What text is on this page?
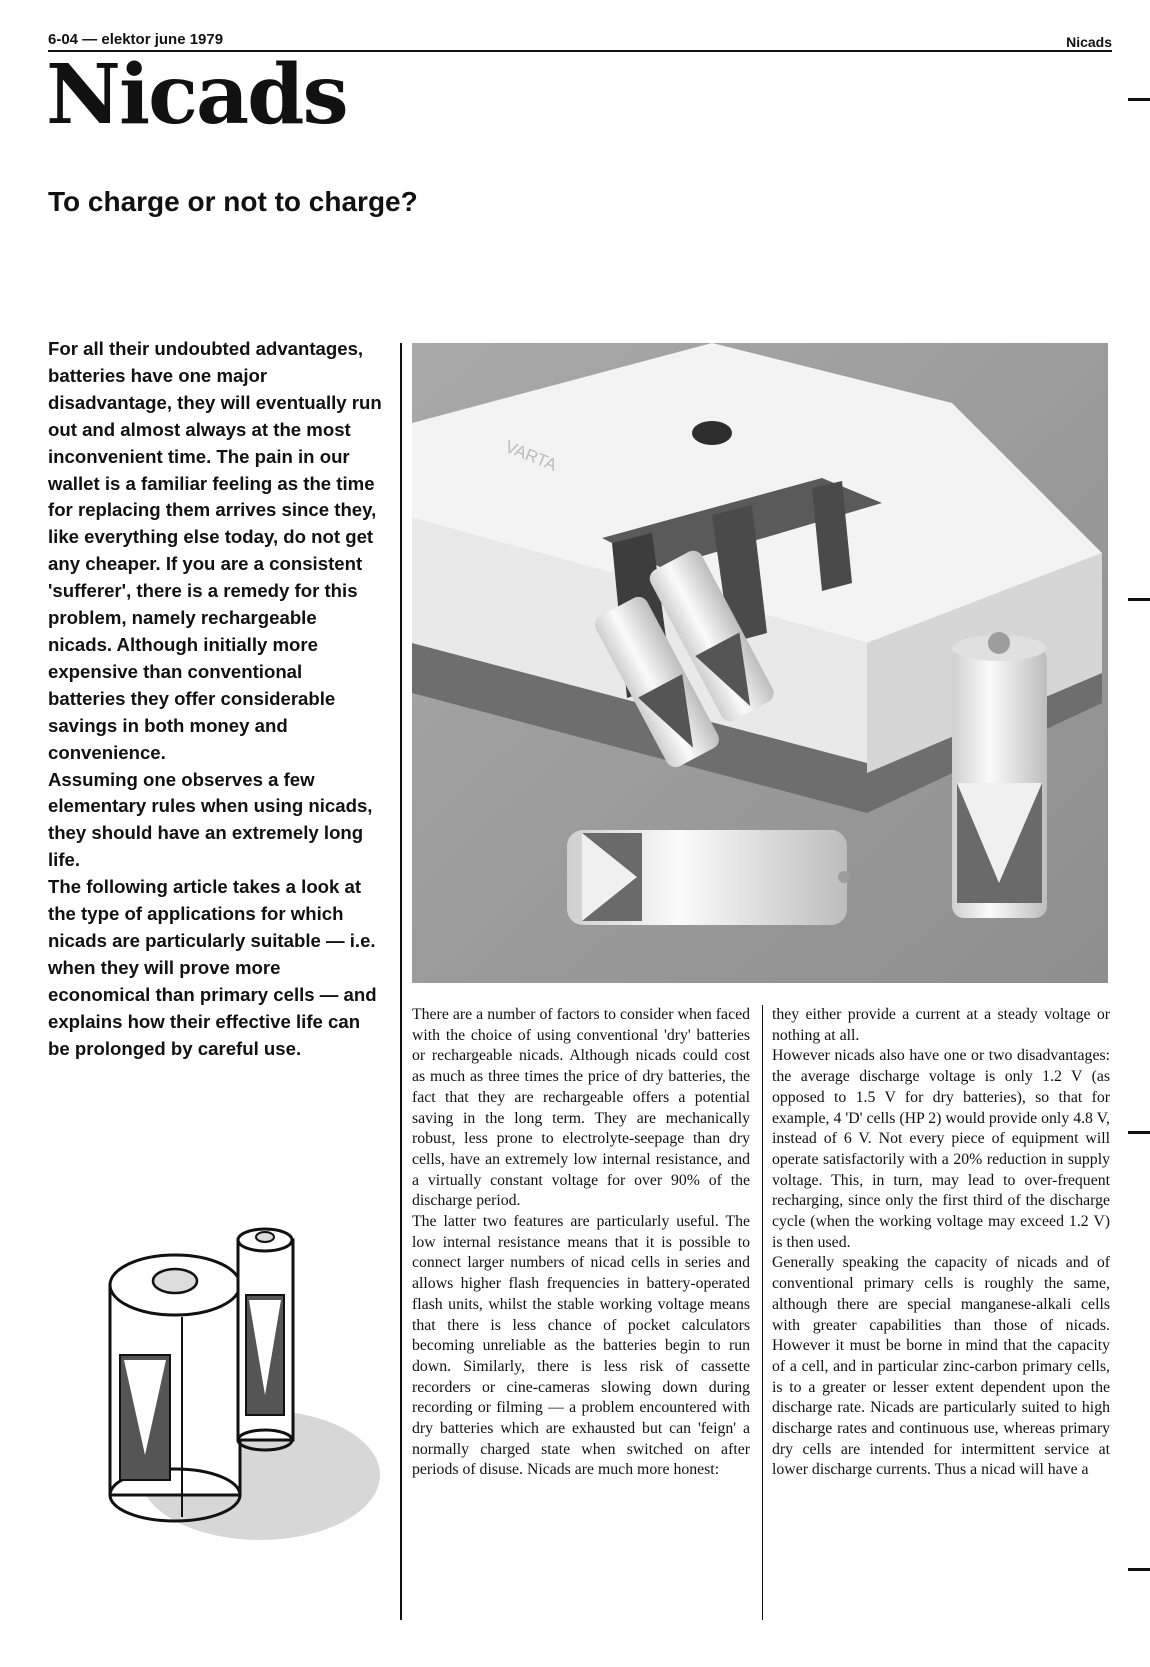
6-04 — elektor june 1979	Nicads
Nicads
To charge or not to charge?

For all their undoubted advantages, batteries have one major disadvantage, they will eventually run out and almost always at the most inconvenient time. The pain in our wallet is a familiar feeling as the time for replacing them arrives since they, like everything else today, do not get any cheaper. If you are a consistent 'sufferer', there is a remedy for this problem, namely rechargeable nicads. Although initially more expensive than conventional batteries they offer considerable savings in both money and convenience.

Assuming one observes a few elementary rules when using nicads, they should have an extremely long life.

The following article takes a look at the type of applications for which nicads are particularly suitable — i.e. when they will prove more economical than primary cells — and explains how their effective life can be prolonged by careful use.

VARTA

There are a number of factors to consider when faced with the choice of using conventional 'dry' batteries or rechargeable nicads. Although nicads could cost as much as three times the price of dry batteries, the fact that they are rechargeable offers a potential saving in the long term. They are mechanically robust, less prone to electrolyte-seepage than dry cells, have an extremely low internal resistance, and a virtually constant voltage for over 90% of the discharge period.

The latter two features are particularly useful. The low internal resistance means that it is possible to connect larger numbers of nicad cells in series and allows higher flash frequencies in battery-operated flash units, whilst the stable working voltage means that there is less chance of pocket calculators becoming unreliable as the batteries begin to run down. Similarly, there is less risk of cassette recorders or cine-cameras slowing down during recording or filming — a problem encountered with dry batteries which are exhausted but can 'feign' a normally charged state when switched on after periods of disuse. Nicads are much more honest:

they either provide a current at a steady voltage or nothing at all.

However nicads also have one or two disadvantages: the average discharge voltage is only 1.2 V (as opposed to 1.5 V for dry batteries), so that for example, 4 'D' cells (HP 2) would provide only 4.8 V, instead of 6 V. Not every piece of equipment will operate satisfactorily with a 20% reduction in supply voltage. This, in turn, may lead to over-frequent recharging, since only the first third of the discharge cycle (when the working voltage may exceed 1.2 V) is then used.

Generally speaking the capacity of nicads and of conventional primary cells is roughly the same, although there are special manganese-alkali cells with greater capabilities than those of nicads. However it must be borne in mind that the capacity of a cell, and in particular zinc-carbon primary cells, is to a greater or lesser extent dependent upon the discharge rate. Nicads are particularly suited to high discharge rates and continuous use, whereas primary dry cells are intended for intermittent service at lower discharge currents. Thus a nicad will have a
